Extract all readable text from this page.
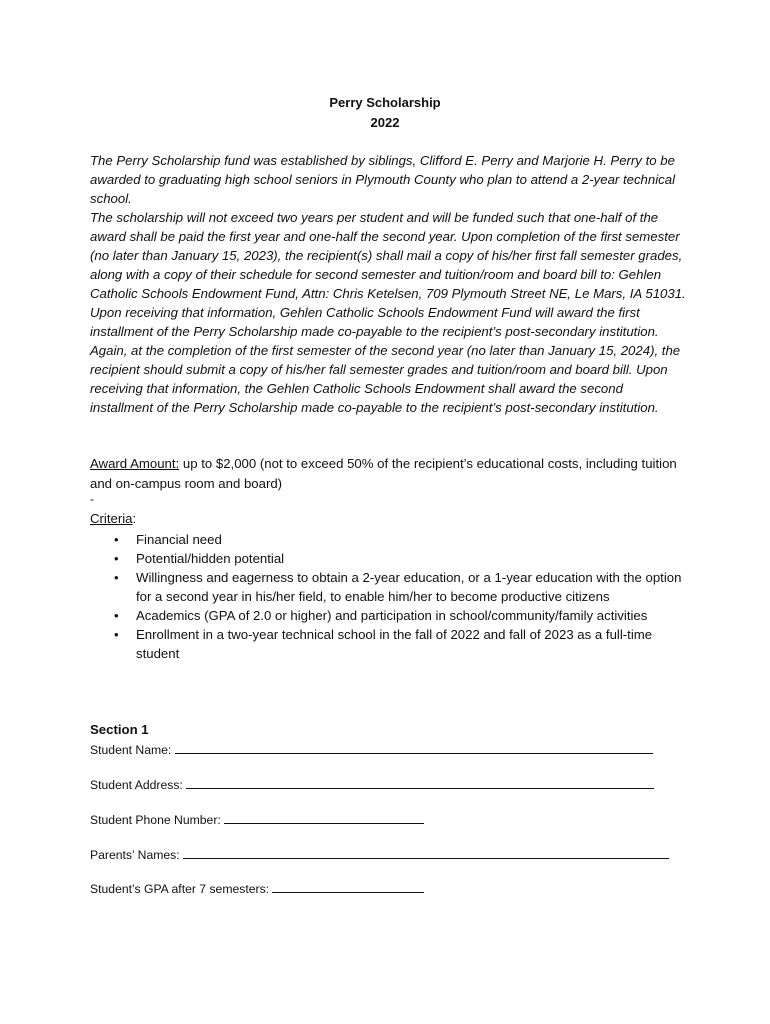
Perry Scholarship
2022

The Perry Scholarship fund was established by siblings, Clifford E. Perry and Marjorie H. Perry to be awarded to graduating high school seniors in Plymouth County who plan to attend a 2-year technical school.

The scholarship will not exceed two years per student and will be funded such that one-half of the award shall be paid the first year and one-half the second year. Upon completion of the first semester (no later than January 15, 2023), the recipient(s) shall mail a copy of his/her first fall semester grades, along with a copy of their schedule for second semester and tuition/room and board bill to: Gehlen Catholic Schools Endowment Fund, Attn: Chris Ketelsen, 709 Plymouth Street NE, Le Mars, IA 51031. Upon receiving that information, Gehlen Catholic Schools Endowment Fund will award the first installment of the Perry Scholarship made co-payable to the recipient’s post-secondary institution. Again, at the completion of the first semester of the second year (no later than January 15, 2024), the recipient should submit a copy of his/her fall semester grades and tuition/room and board bill. Upon receiving that information, the Gehlen Catholic Schools Endowment shall award the second installment of the Perry Scholarship made co-payable to the recipient’s post-secondary institution.

Award Amount: up to $2,000 (not to exceed 50% of the recipient’s educational costs, including tuition and on-campus room and board)
‐
Criteria:
• Financial need
• Potential/hidden potential
• Willingness and eagerness to obtain a 2-year education, or a 1-year education with the option for a second year in his/her field, to enable him/her to become productive citizens
• Academics (GPA of 2.0 or higher) and participation in school/community/family activities
• Enrollment in a two-year technical school in the fall of 2022 and fall of 2023 as a full-time student
Section 1
Student Name:
Student Address:
Student Phone Number:
Parents’ Names:
Student’s GPA after 7 semesters:
